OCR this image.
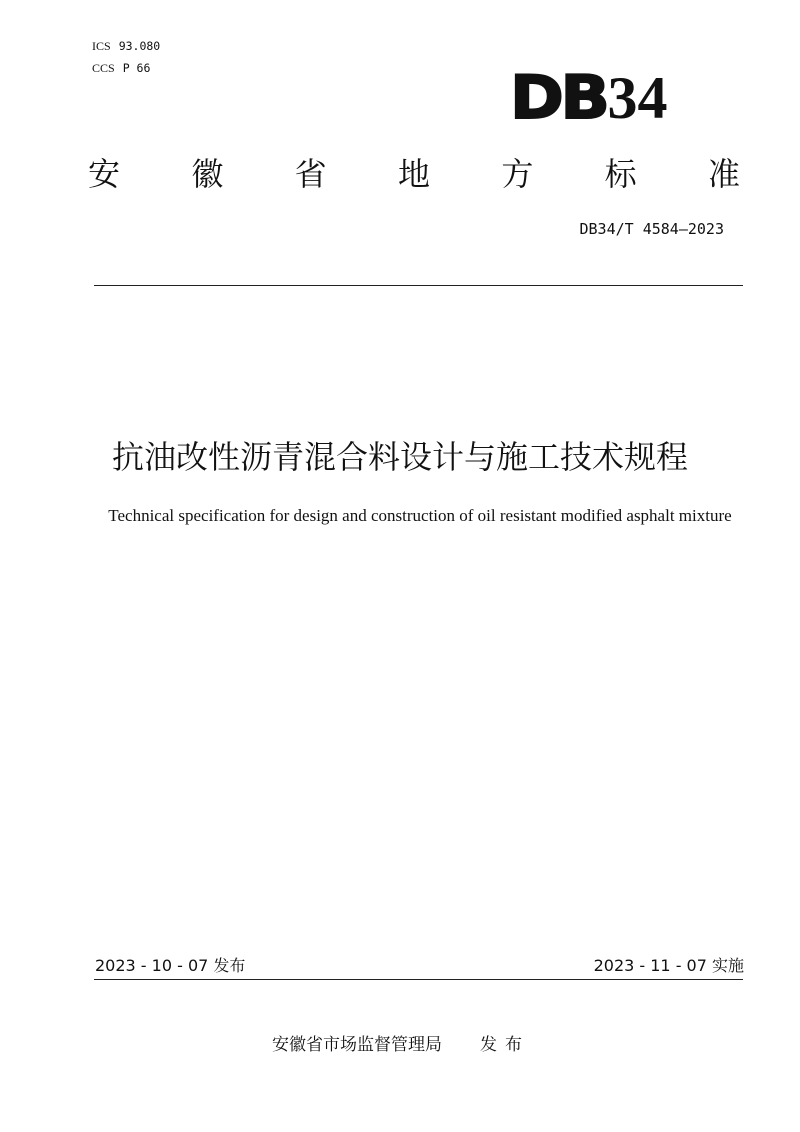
ICS 93.080
CCS P 66	DB34
安 徽 省 地 方 标 准
DB34/T 4584—2023
抗油改性沥青混合料设计与施工技术规程
Technical specification for design and construction of oil resistant modified asphalt mixture
2023 - 10 - 07 发布	2023 - 11 - 07 实施
安徽省市场监督管理局 发布
